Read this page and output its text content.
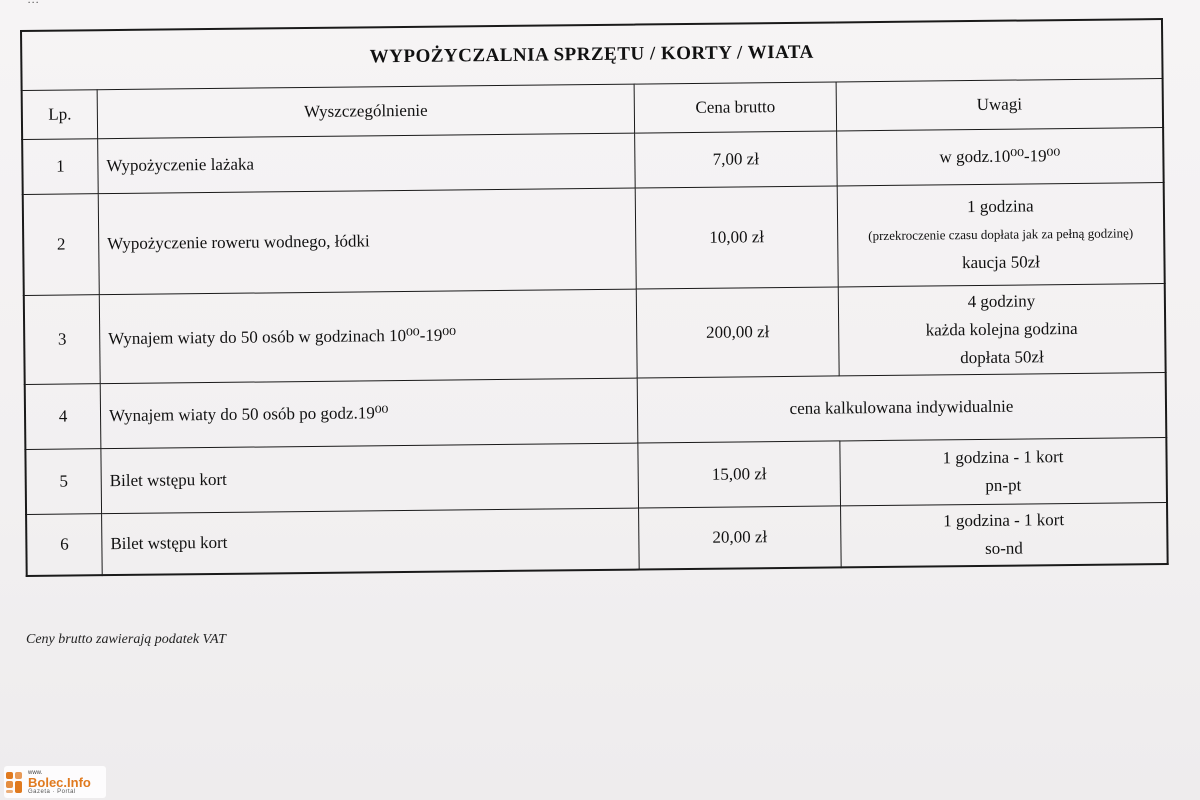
WYPOŻYCZALNIA SPRZĘTU / KORTY / WIATA			
Lp.	Wyszczególnienie	Cena brutto	Uwagi
1	Wypożyczenie lażaka	7,00 zł	w godz.10⁰⁰-19⁰⁰

2	Wypożyczenie roweru wodnego, łódki	10,00 zł	1 godzina
(przekroczenie czasu dopłata jak za pełną godzinę)
kaucja 50zł

3	Wynajem wiaty do 50 osób w godzinach 10⁰⁰-19⁰⁰	200,00 zł	4 godziny
każda kolejna godzina
dopłata 50zł

4	Wynajem wiaty do 50 osób po godz.19⁰⁰	cena kalkulowana indywidualnie	
5	Bilet wstępu kort	15,00 zł	1 godzina - 1 kort
pn-pt

6	Bilet wstępu kort	20,00 zł	1 godzina - 1 kort
so-nd
Ceny brutto zawierają podatek VAT
www.
Bolec.Info
Gazeta · Portal
